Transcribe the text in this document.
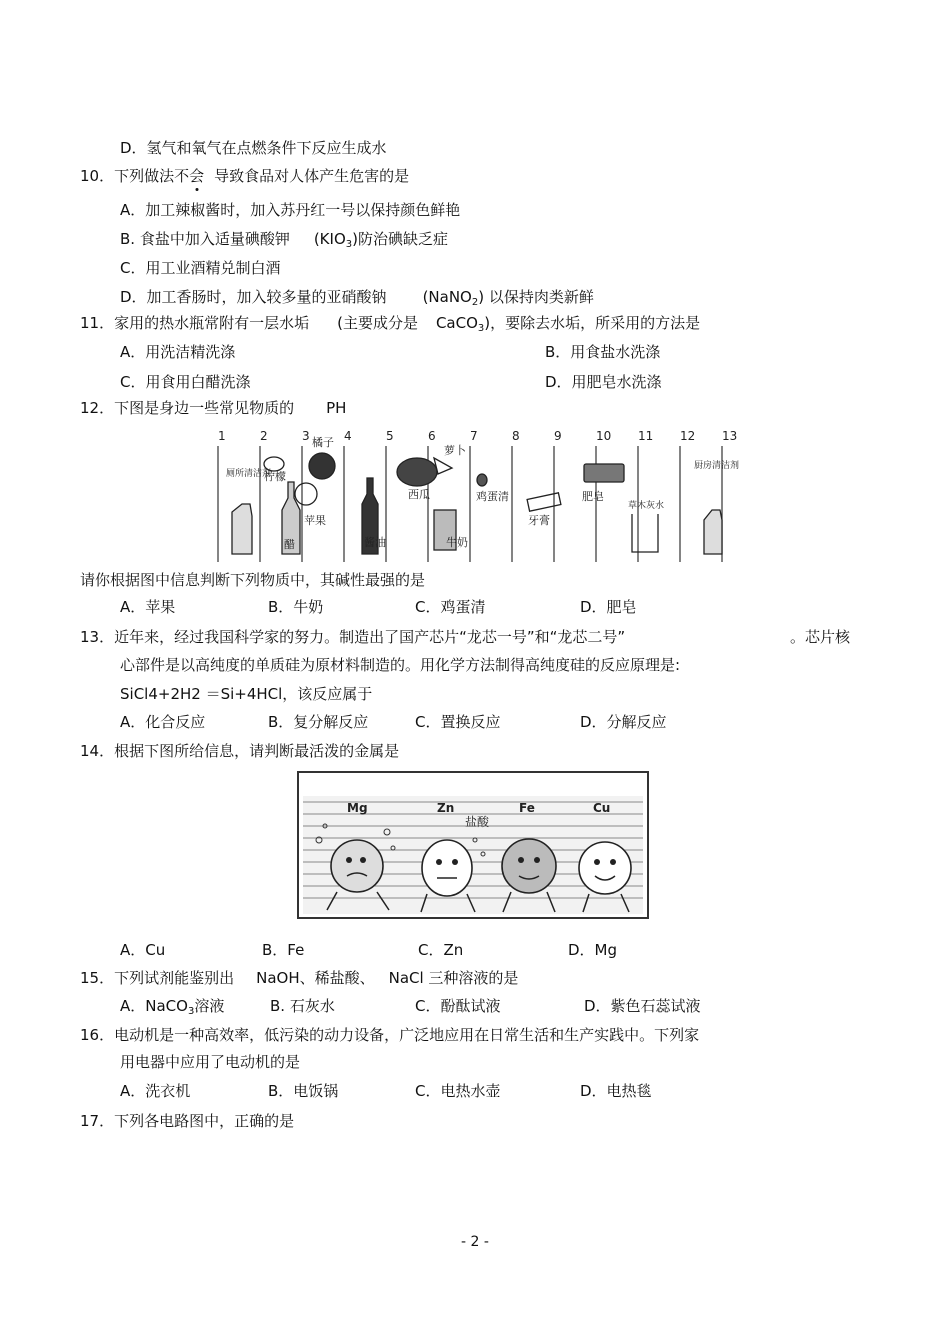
D．氢气和氧气在点燃条件下反应生成水
10．下列做法不会 导致食品对人体产生危害的是
A．加工辣椒酱时，加入苏丹红一号以保持颜色鲜艳
B. 食盐中加入适量碘酸钾 $(KIO_3)$防治碘缺乏症
C．用工业酒精兑制白酒
D．加工香肠时，加入较多量的亚硝酸钠 (NaNO$_2$) 以保持肉类新鲜
11．家用的热水瓶常附有一层水垢 (主要成分是 CaCO$_3$)，要除去水垢，所采用的方法是
A．用洗洁精洗涤	B．用食盐水洗涤
C．用食用白醋洗涤	D．用肥皂水洗涤
12．下图是身边一些常见物质的 PH
1	2	3	4	5	6	7	8	9	10 11 12 13
厕所清洁剂
柠檬
橘子
苹果
醋	酱油
西瓜
萝卜
牛奶
鸡蛋清
牙膏
肥皂
草木灰水
厨房清洁剂
请你根据图中信息判断下列物质中，其碱性最强的是
A．苹果	B．牛奶	C．鸡蛋清	D．肥皂
13．近年来，经过我国科学家的努力。制造出了国产芯片“龙芯一号”和“龙芯二号”	。芯片核
心部件是以高纯度的单质硅为原材料制造的。用化学方法制得高纯度硅的反应原理是:
SiCl4+2H2 ＝Si+4HCl，该反应属于
A．化合反应	B．复分解反应	C．置换反应	D．分解反应
14．根据下图所给信息，请判断最活泼的金属是
Mg	Zn	Fe	Cu
盐酸
A．Cu	B．Fe	C．Zn	D．Mg
15．下列试剂能鉴别出 NaOH、稀盐酸、 NaCl 三种溶液的是
A．NaCO$_3$溶液	B. 石灰水	C．酚酞试液	D．紫色石蕊试液
16．电动机是一种高效率，低污染的动力设备，广泛地应用在日常生活和生产实践中。下列家
用电器中应用了电动机的是
A．洗衣机	B．电饭锅	C．电热水壶	D．电热毯
17．下列各电路图中，正确的是
- 2 -
